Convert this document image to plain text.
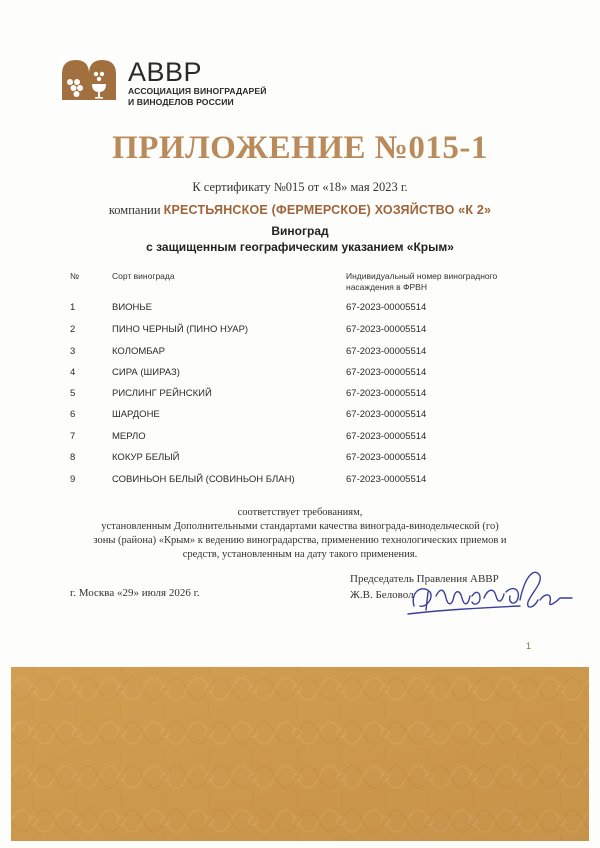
АВВР
АССОЦИАЦИЯ ВИНОГРАДАРЕЙ
И ВИНОДЕЛОВ РОССИИ
ПРИЛОЖЕНИЕ №015-1
К сертификату №015 от «18» мая 2023 г.
компании КРЕСТЬЯНСКОЕ (ФЕРМЕРСКОЕ) ХОЗЯЙСТВО «К 2»
Виноград
с защищенным географическим указанием «Крым»
№	Сорт винограда	Индивидуальный номер виноградного
насаждения в ФРВН
1	ВИОНЬЕ	67-2023-00005514
2	ПИНО ЧЕРНЫЙ (ПИНО НУАР)	67-2023-00005514
3	КОЛОМБАР	67-2023-00005514
4	СИРА (ШИРАЗ)	67-2023-00005514
5	РИСЛИНГ РЕЙНСКИЙ	67-2023-00005514
6	ШАРДОНЕ	67-2023-00005514
7	МЕРЛО	67-2023-00005514
8	КОКУР БЕЛЫЙ	67-2023-00005514
9	СОВИНЬОН БЕЛЫЙ (СОВИНЬОН БЛАН)	67-2023-00005514
соответствует требованиям,
установленным Дополнительными стандартами качества винограда-винодельческой (го)
зоны (района) «Крым» к ведению виноградарства, применению технологических приемов и
средств, установленным на дату такого применения.
г. Москва «29» июля 2026 г.
Председатель Правления АВВР
Ж.В. Беловол
1
